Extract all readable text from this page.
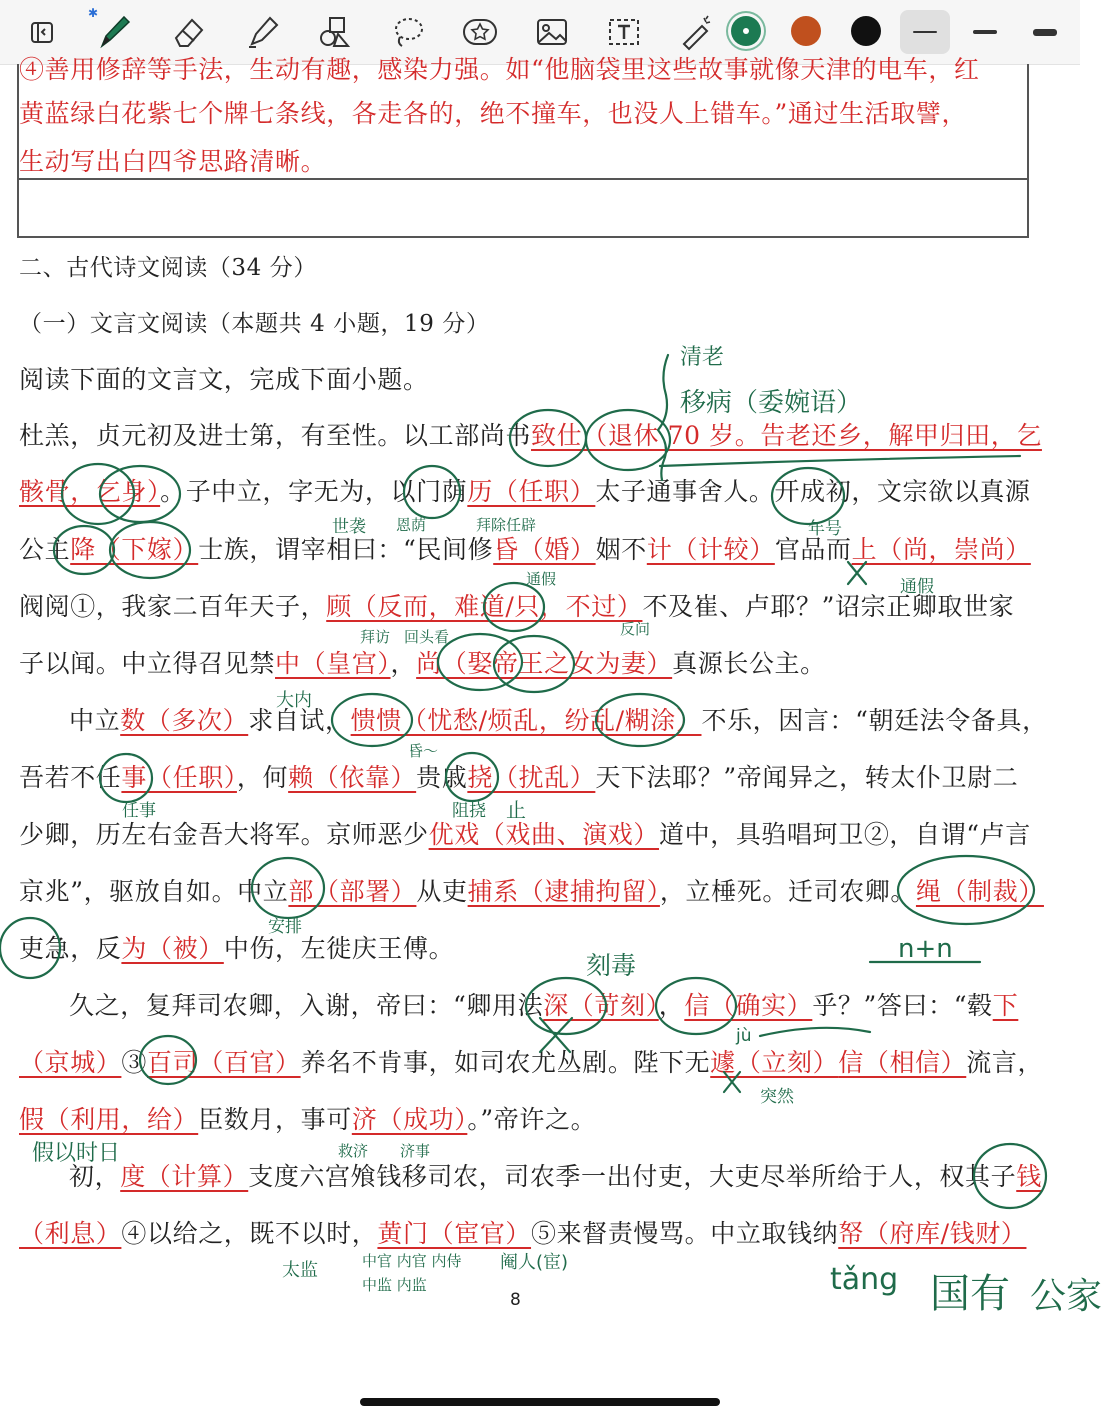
✱
④善用修辞等手法，生动有趣，感染力强。如“他脑袋里这些故事就像天津的电车，红
黄蓝绿白花紫七个牌七条线，各走各的，绝不撞车，也没人上错车。”通过生活取譬，
生动写出白四爷思路清晰。
二、古代诗文阅读（34 分）
（一）文言文阅读（本题共 4 小题，19 分）
阅读下面的文言文，完成下面小题。
杜羔，贞元初及进士第，有至性。以工部尚书致仕（退休 70 岁。告老还乡，解甲归田，乞
骸骨，乞身）。子中立，字无为，以门荫历（任职）太子通事舍人。开成初，文宗欲以真源
公主降（下嫁）士族，谓宰相曰：“民间修昏（婚）姻不计（计较）官品而上（尚，崇尚）
阀阅①，我家二百年天子，顾（反而，难道/只，不过）不及崔、卢耶？”诏宗正卿取世家
子以闻。中立得召见禁中（皇宫），尚（娶帝王之女为妻）真源长公主。
中立数（多次）求自试，愦愦（忧愁/烦乱，纷乱/糊涂）不乐，因言：“朝廷法令备具，
吾若不任事（任职），何赖（依靠）贵戚挠（扰乱）天下法耶？”帝闻异之，转太仆卫尉二
少卿，历左右金吾大将军。京师恶少优戏（戏曲、演戏）道中，具驺唱珂卫②，自谓“卢言
京兆”，驱放自如。中立部（部署）从吏捕系（逮捕拘留），立棰死。迁司农卿。绳（制裁）
吏急，反为（被）中伤，左徙庆王傅。
久之，复拜司农卿，入谢，帝曰：“卿用法深（苛刻），信（确实）乎？”答曰：“毂下
（京城）③百司（百官）养名不肯事，如司农尤丛剧。陛下无遽（立刻）信（相信）流言，
假（利用，给）臣数月，事可济（成功）。”帝许之。
初，度（计算）支度六宫飧钱移司农，司农季一出付吏，大吏尽举所给于人，权其子钱
（利息）④以给之，既不以时，黄门（宦官）⑤来督责慢骂。中立取钱纳帑（府库/钱财）
8
清老
移病（委婉语）
世袭 恩荫	拜除任辟	年号
通假	通假
反问
拜访 回头看
大内
昏～
任事	阻挠 止
安排
刻毒
n+n
jù
突然
假以时日	救济 济事
太监	中官 内官 内侍
中监 内监
阉人(宦)	tǎng 国有 公家
